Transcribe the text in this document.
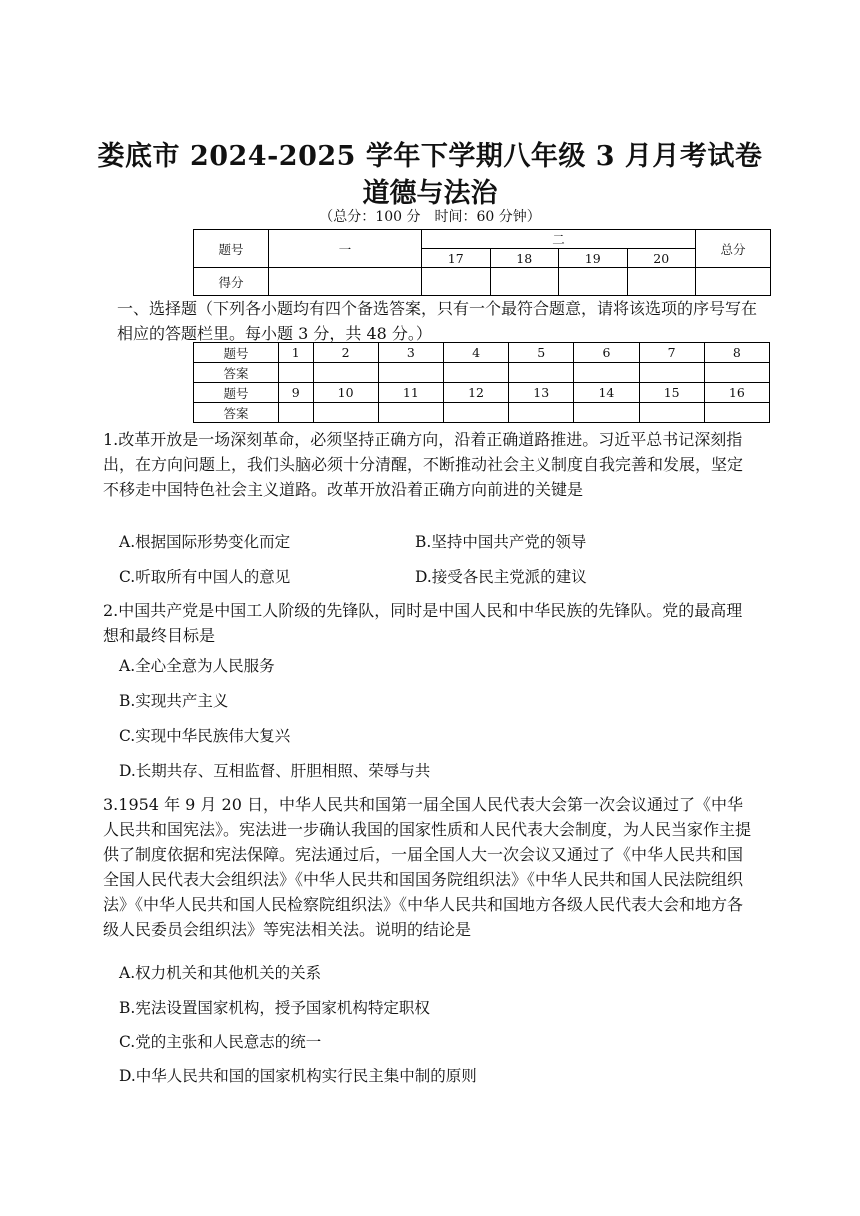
娄底市 2024-2025 学年下学期八年级 3 月月考试卷
道德与法治
（总分：100 分　时间：60 分钟）
题号	一	二				总分
		17	18	19	20	
得分						
一、选择题（下列各小题均有四个备选答案，只有一个最符合题意，请将该选项的序号写在相应的答题栏里。每小题 3 分，共 48 分。）
题号	1	2	3	4	5	6	7	8
答案								
题号	9	10	11	12	13	14	15	16
答案								
1.改革开放是一场深刻革命，必须坚持正确方向，沿着正确道路推进。习近平总书记深刻指出，在方向问题上，我们头脑必须十分清醒，不断推动社会主义制度自我完善和发展，坚定不移走中国特色社会主义道路。改革开放沿着正确方向前进的关键是
A.根据国际形势变化而定	B.坚持中国共产党的领导
C.听取所有中国人的意见	D.接受各民主党派的建议
2.中国共产党是中国工人阶级的先锋队，同时是中国人民和中华民族的先锋队。党的最高理想和最终目标是
A.全心全意为人民服务
B.实现共产主义
C.实现中华民族伟大复兴
D.长期共存、互相监督、肝胆相照、荣辱与共
3.1954 年 9 月 20 日，中华人民共和国第一届全国人民代表大会第一次会议通过了《中华人民共和国宪法》。宪法进一步确认我国的国家性质和人民代表大会制度，为人民当家作主提供了制度依据和宪法保障。宪法通过后，一届全国人大一次会议又通过了《中华人民共和国全国人民代表大会组织法》《中华人民共和国国务院组织法》《中华人民共和国人民法院组织法》《中华人民共和国人民检察院组织法》《中华人民共和国地方各级人民代表大会和地方各级人民委员会组织法》等宪法相关法。说明的结论是
A.权力机关和其他机关的关系
B.宪法设置国家机构，授予国家机构特定职权
C.党的主张和人民意志的统一
D.中华人民共和国的国家机构实行民主集中制的原则
